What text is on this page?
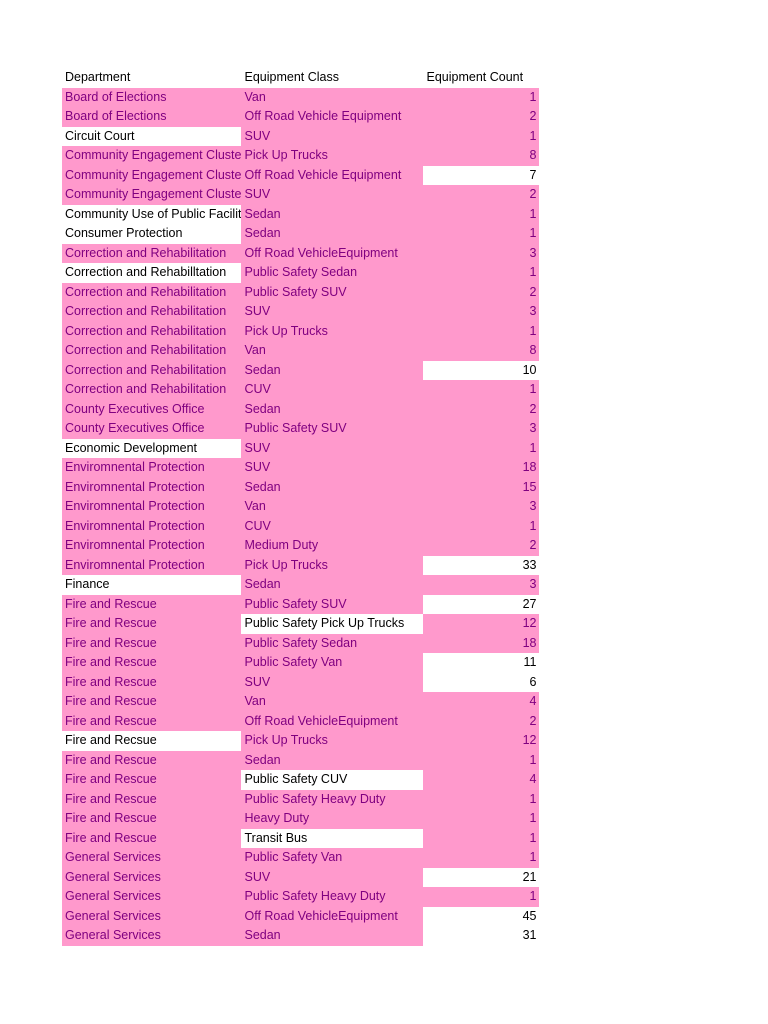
Department	Equipment Class	Equipment Count
Board of Elections	Van	1
Board of Elections	Off Road Vehicle Equipment	2
Circuit Court	SUV	1
Community Engagement Cluste	Pick Up Trucks	8
Community Engagement Cluste	Off Road Vehicle Equipment	7
Community Engagement Cluste	SUV	2
Community Use of Public Facilit	Sedan	1
Consumer Protection	Sedan	1
Correction and Rehabilitation	Off Road VehicleEquipment	3
Correction and Rehabilltation	Public Safety Sedan	1
Correction and Rehabilitation	Public Safety SUV	2
Correction and Rehabilitation	SUV	3
Correction and Rehabilitation	Pick Up Trucks	1
Correction and Rehabilitation	Van	8
Correction and Rehabilitation	Sedan	10
Correction and Rehabilitation	CUV	1
County Executives Office	Sedan	2
County Executives Office	Public Safety SUV	3
Economic Development	SUV	1
Enviromnental Protection	SUV	18
Enviromnental Protection	Sedan	15
Enviromnental Protection	Van	3
Enviromnental Protection	CUV	1
Enviromnental Protection	Medium Duty	2
Enviromnental Protection	Pick Up Trucks	33
Finance	Sedan	3
Fire and Rescue	Public Safety SUV	27
Fire and Rescue	Public Safety Pick Up Trucks	12
Fire and Rescue	Public Safety Sedan	18
Fire and Rescue	Public Safety Van	11
Fire and Rescue	SUV	6
Fire and Rescue	Van	4
Fire and Rescue	Off Road VehicleEquipment	2
Fire and Recsue	Pick Up Trucks	12
Fire and Rescue	Sedan	1
Fire and Rescue	Public Safety CUV	4
Fire and Rescue	Public Safety Heavy Duty	1
Fire and Rescue	Heavy Duty	1
Fire and Rescue	Transit Bus	1
General Services	Public Safety Van	1
General Services	SUV	21
General Services	Public Safety Heavy Duty	1
General Services	Off Road VehicleEquipment	45
General Services	Sedan	31
